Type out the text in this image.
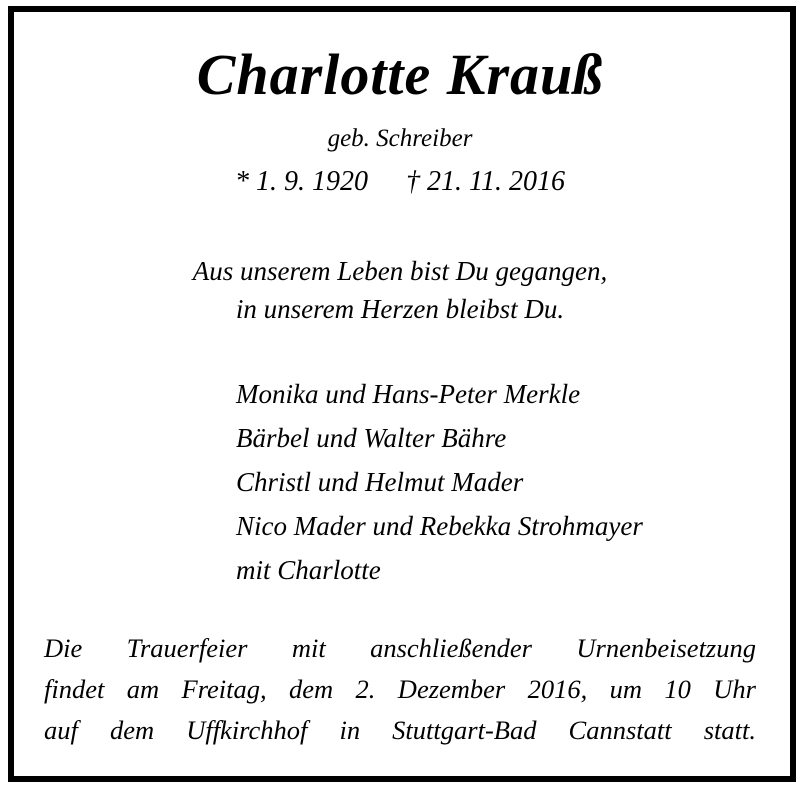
Charlotte Krauß
geb. Schreiber
* 1. 9. 1920 † 21. 11. 2016
Aus unserem Leben bist Du gegangen,
in unserem Herzen bleibst Du.
Monika und Hans-Peter Merkle
Bärbel und Walter Bähre
Christl und Helmut Mader
Nico Mader und Rebekka Strohmayer
mit Charlotte
Die Trauerfeier mit anschließender Urnenbeisetzung
findet am Freitag, dem 2. Dezember 2016, um 10 Uhr
auf dem Uffkirchhof in Stuttgart-Bad Cannstatt statt.
